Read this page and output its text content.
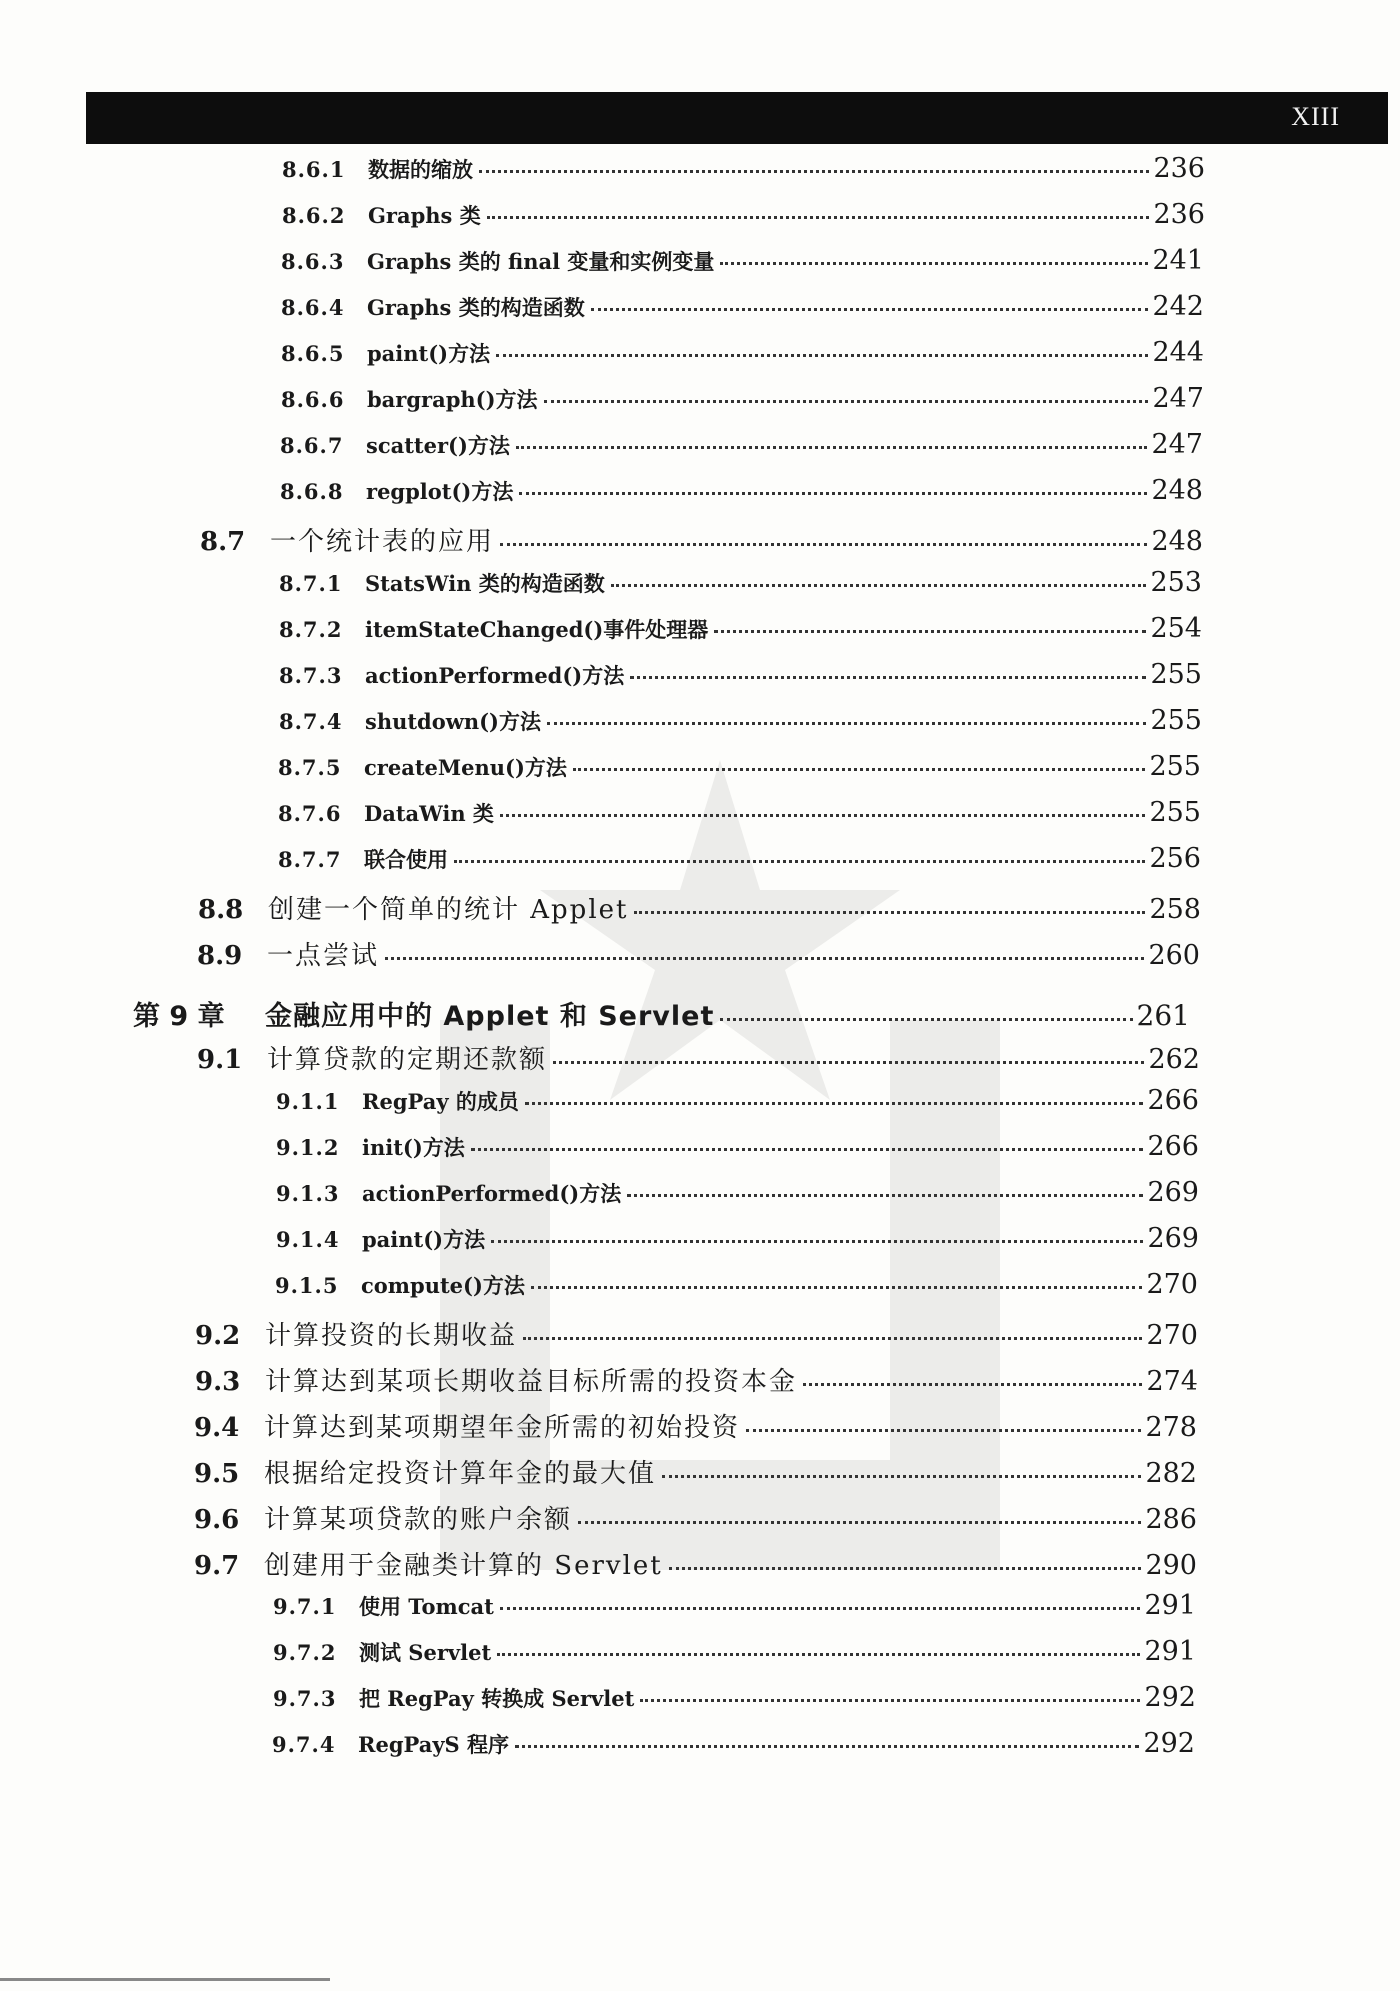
XIII
8.6.1	数据的缩放	236
8.6.2	Graphs 类	236
8.6.3	Graphs 类的 final 变量和实例变量	241
8.6.4	Graphs 类的构造函数	242
8.6.5	paint()方法	244
8.6.6	bargraph()方法	247
8.6.7	scatter()方法	247
8.6.8	regplot()方法	248
8.7 一个统计表的应用	248
8.7.1	StatsWin 类的构造函数	253
8.7.2	itemStateChanged()事件处理器	254
8.7.3	actionPerformed()方法	255
8.7.4	shutdown()方法	255
8.7.5	createMenu()方法	255
8.7.6	DataWin 类	255
8.7.7	联合使用	256
8.8 创建一个简单的统计 Applet	258
8.9 一点尝试	260
第 9 章	金融应用中的 Applet 和 Servlet	261
9.1 计算贷款的定期还款额	262
9.1.1	RegPay 的成员	266
9.1.2	init()方法	266
9.1.3	actionPerformed()方法	269
9.1.4	paint()方法	269
9.1.5	compute()方法	270
9.2 计算投资的长期收益	270
9.3 计算达到某项长期收益目标所需的投资本金	274
9.4 计算达到某项期望年金所需的初始投资	278
9.5 根据给定投资计算年金的最大值	282
9.6 计算某项贷款的账户余额	286
9.7 创建用于金融类计算的 Servlet	290
9.7.1	使用 Tomcat	291
9.7.2	测试 Servlet	291
9.7.3	把 RegPay 转换成 Servlet	292
9.7.4	RegPayS 程序	292
